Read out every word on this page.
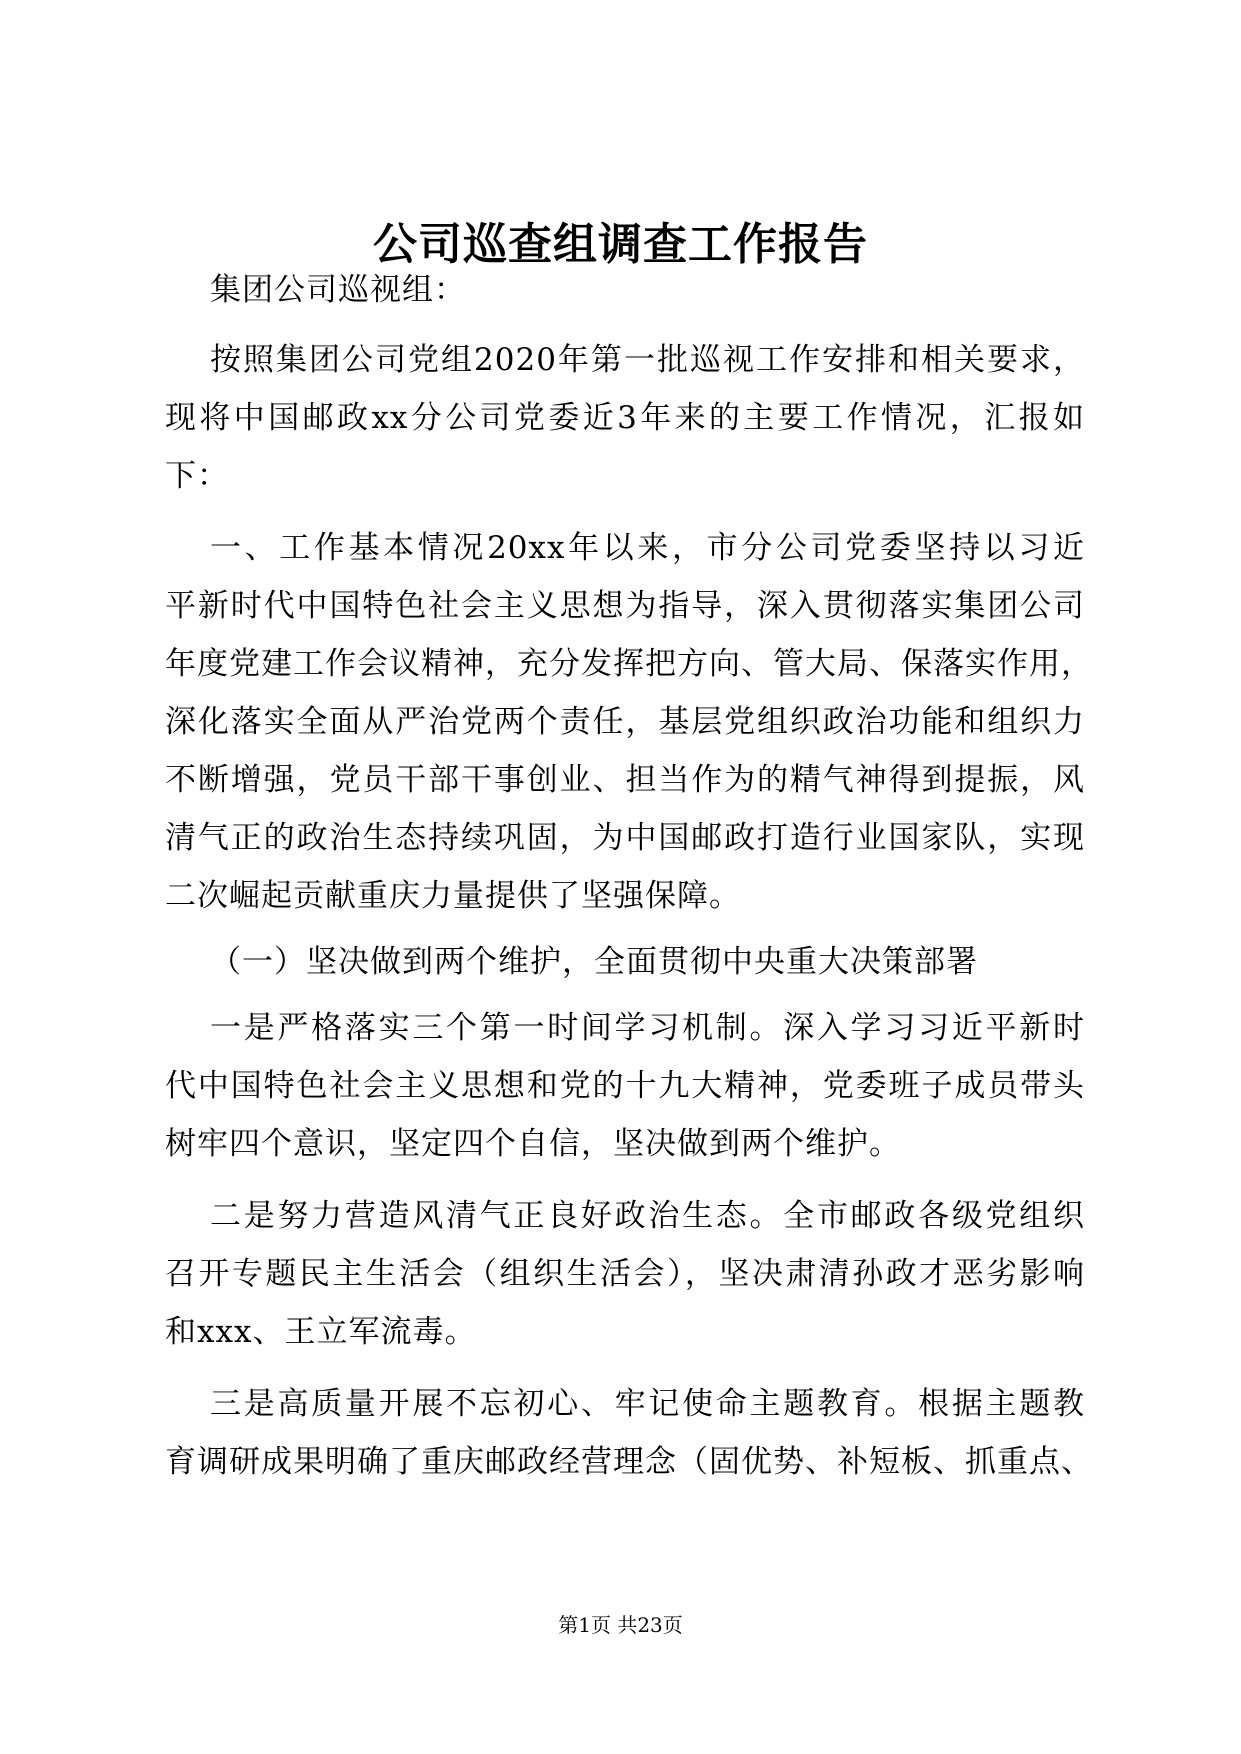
公司巡查组调查工作报告
集团公司巡视组：
按照集团公司党组2020年第一批巡视工作安排和相关要求，
现将中国邮政xx分公司党委近3年来的主要工作情况，汇报如
下：
一、工作基本情况20xx年以来，市分公司党委坚持以习近
平新时代中国特色社会主义思想为指导，深入贯彻落实集团公司
年度党建工作会议精神，充分发挥把方向、管大局、保落实作用，
深化落实全面从严治党两个责任，基层党组织政治功能和组织力
不断增强，党员干部干事创业、担当作为的精气神得到提振，风
清气正的政治生态持续巩固，为中国邮政打造行业国家队，实现
二次崛起贡献重庆力量提供了坚强保障。
（一）坚决做到两个维护，全面贯彻中央重大决策部署
一是严格落实三个第一时间学习机制。深入学习习近平新时
代中国特色社会主义思想和党的十九大精神，党委班子成员带头
树牢四个意识，坚定四个自信，坚决做到两个维护。
二是努力营造风清气正良好政治生态。全市邮政各级党组织
召开专题民主生活会（组织生活会），坚决肃清孙政才恶劣影响
和xxx、王立军流毒。
三是高质量开展不忘初心、牢记使命主题教育。根据主题教
育调研成果明确了重庆邮政经营理念（固优势、补短板、抓重点、
第1页 共23页
